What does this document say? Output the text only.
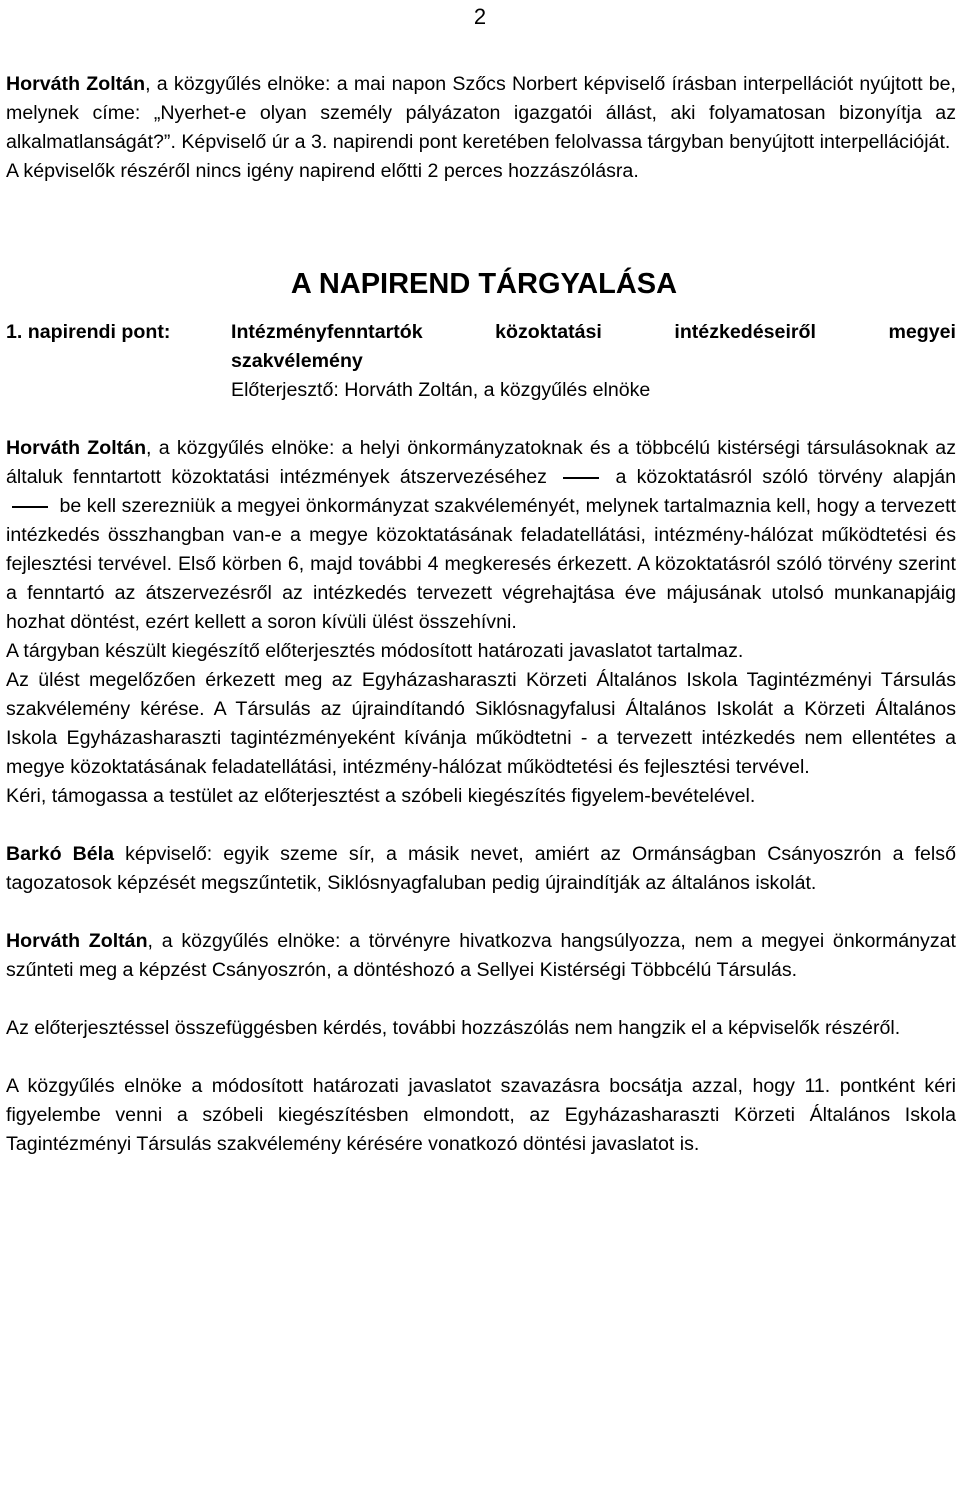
2

Horváth Zoltán, a közgyűlés elnöke: a mai napon Szőcs Norbert képviselő írásban interpellációt nyújtott be, melynek címe: „Nyerhet-e olyan személy pályázaton igazgatói állást, aki folyamatosan bizonyítja az alkalmatlanságát?”. Képviselő úr a 3. napirendi pont keretében felolvassa tárgyban benyújtott interpellációját.

A képviselők részéről nincs igény napirend előtti 2 perces hozzászólásra.

A NAPIREND TÁRGYALÁSA
1. napirendi pont:	Intézményfenntartók közoktatási intézkedéseiről megyei
szakvélemény
Előterjesztő: Horváth Zoltán, a közgyűlés elnöke

Horváth Zoltán, a közgyűlés elnöke: a helyi önkormányzatoknak és a többcélú kistérségi társulásoknak az általuk fenntartott közoktatási intézmények átszervezéséhez	a közoktatásról szóló törvény alapján  be kell szerezniük a megyei önkormányzat szakvéleményét, melynek tartalmaznia kell, hogy a tervezett intézkedés összhangban van-e a megye közoktatásának feladatellátási, intézmény-hálózat működtetési és fejlesztési tervével. Első körben 6, majd további 4 megkeresés érkezett. A közoktatásról szóló törvény szerint a fenntartó az átszervezésről az intézkedés tervezett végrehajtása éve májusának utolsó munkanapjáig hozhat döntést, ezért kellett a soron kívüli ülést összehívni.

A tárgyban készült kiegészítő előterjesztés módosított határozati javaslatot tartalmaz.

Az ülést megelőzően érkezett meg az Egyházasharaszti Körzeti Általános Iskola Tagintézményi Társulás szakvélemény kérése. A Társulás az újraindítandó Siklósnagyfalusi Általános Iskolát a Körzeti Általános Iskola Egyházasharaszti tagintézményeként kívánja működtetni - a tervezett intézkedés nem ellentétes a megye közoktatásának feladatellátási, intézmény-hálózat működtetési és fejlesztési tervével.

Kéri, támogassa a testület az előterjesztést a szóbeli kiegészítés figyelem-bevételével.

Barkó Béla képviselő: egyik szeme sír, a másik nevet, amiért az Ormánságban Csányoszrón a felső tagozatosok képzését megszűntetik, Siklósnyagfaluban pedig újraindítják az általános iskolát.

Horváth Zoltán, a közgyűlés elnöke: a törvényre hivatkozva hangsúlyozza, nem a megyei önkormányzat szűnteti meg a képzést Csányoszrón, a döntéshozó a Sellyei Kistérségi Többcélú Társulás.

Az előterjesztéssel összefüggésben kérdés, további hozzászólás nem hangzik el a képviselők részéről.

A közgyűlés elnöke a módosított határozati javaslatot szavazásra bocsátja azzal, hogy 11. pontként kéri figyelembe venni a szóbeli kiegészítésben elmondott, az Egyházasharaszti Körzeti Általános Iskola Tagintézményi Társulás szakvélemény kérésére vonatkozó döntési javaslatot is.
